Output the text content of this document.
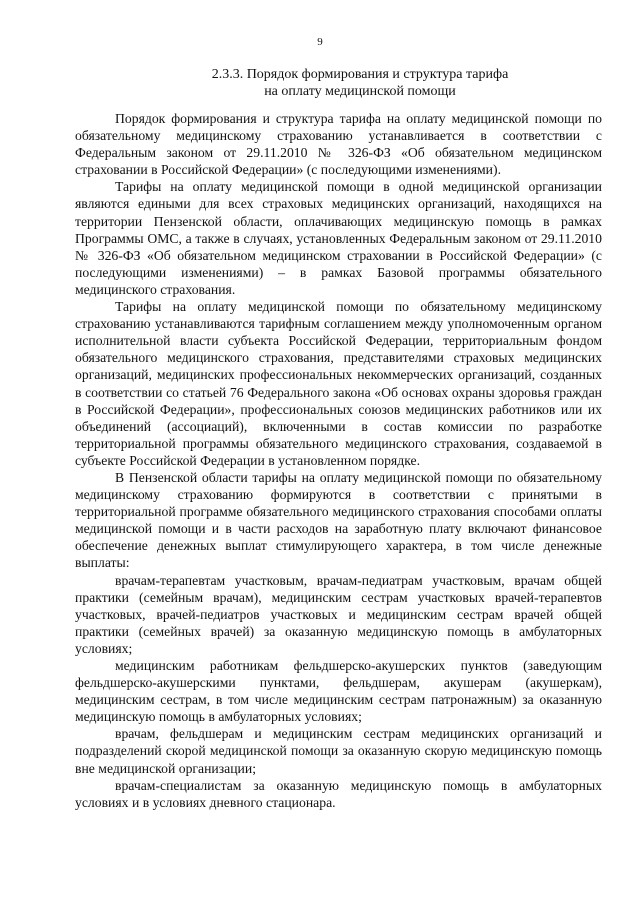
9
2.3.3. Порядок формирования и структура тарифа
на оплату медицинской помощи

Порядок формирования и структура тарифа на оплату медицинской помощи по обязательному медицинскому страхованию устанавливается в соответствии с Федеральным законом от 29.11.2010 № 326-ФЗ «Об обязательном медицинском страховании в Российской Федерации» (с последующими изменениями).

Тарифы на оплату медицинской помощи в одной медицинской организации являются едиными для всех страховых медицинских организаций, находящихся на территории Пензенской области, оплачивающих медицинскую помощь в рамках Программы ОМС, а также в случаях, установленных Федеральным законом от 29.11.2010 № 326-ФЗ «Об обязательном медицинском страховании в Российской Федерации» (с последующими изменениями) – в рамках Базовой программы обязательного медицинского страхования.

Тарифы на оплату медицинской помощи по обязательному медицинскому страхованию устанавливаются тарифным соглашением между уполномоченным органом исполнительной власти субъекта Российской Федерации, территориальным фондом обязательного медицинского страхования, представителями страховых медицинских организаций, медицинских профессиональных некоммерческих организаций, созданных в соответствии со статьей 76 Федерального закона «Об основах охраны здоровья граждан в Российской Федерации», профессиональных союзов медицинских работников или их объединений (ассоциаций), включенными в состав комиссии по разработке территориальной программы обязательного медицинского страхования, создаваемой в субъекте Российской Федерации в установленном порядке.

В Пензенской области тарифы на оплату медицинской помощи по обязательному медицинскому страхованию формируются в соответствии с принятыми в территориальной программе обязательного медицинского страхования способами оплаты медицинской помощи и в части расходов на заработную плату включают финансовое обеспечение денежных выплат стимулирующего характера, в том числе денежные выплаты:

врачам-терапевтам участковым, врачам-педиатрам участковым, врачам общей практики (семейным врачам), медицинским сестрам участковых врачей-терапевтов участковых, врачей-педиатров участковых и медицинским сестрам врачей общей практики (семейных врачей) за оказанную медицинскую помощь в амбулаторных условиях;

медицинским работникам фельдшерско-акушерских пунктов (заведующим фельдшерско-акушерскими пунктами, фельдшерам, акушерам (акушеркам), медицинским сестрам, в том числе медицинским сестрам патронажным) за оказанную медицинскую помощь в амбулаторных условиях;

врачам, фельдшерам и медицинским сестрам медицинских организаций и подразделений скорой медицинской помощи за оказанную скорую медицинскую помощь вне медицинской организации;

врачам-специалистам за оказанную медицинскую помощь в амбулаторных условиях и в условиях дневного стационара.
